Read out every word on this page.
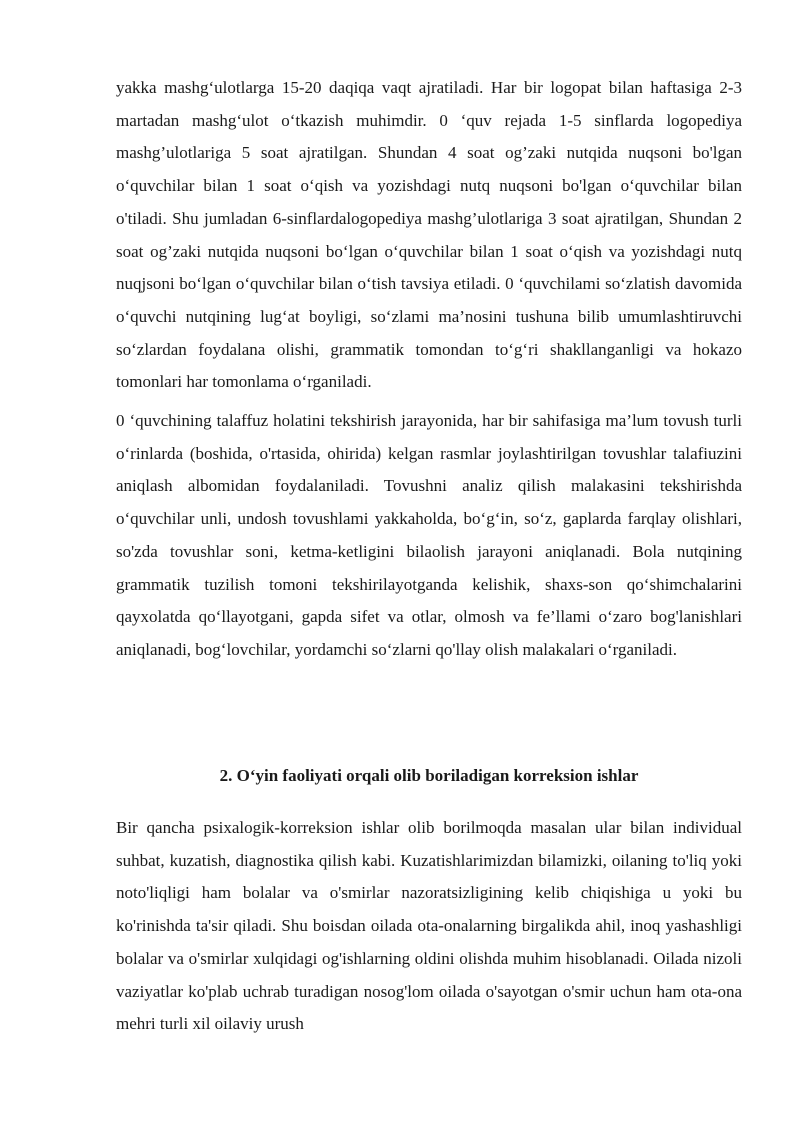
yakka mashg‘ulotlarga 15-20 daqiqa vaqt ajratiladi. Har bir logopat bilan haftasiga 2-3 martadan mashg‘ulot o‘tkazish muhimdir. 0 ‘quv rejada 1-5 sinflarda logopediya mashg’ulotlariga 5 soat ajratilgan. Shundan 4 soat og’zaki nutqida nuqsoni bo'lgan o‘quvchilar bilan 1 soat o‘qish va yozishdagi nutq nuqsoni bo'lgan o‘quvchilar bilan o'tiladi. Shu jumladan 6-sinflardalogopediya mashg’ulotlariga 3 soat ajratilgan, Shundan 2 soat og’zaki nutqida nuqsoni bo‘lgan o‘quvchilar bilan 1 soat o‘qish va yozishdagi nutq nuqjsoni bo‘lgan o‘quvchilar bilan o‘tish tavsiya etiladi. 0 ‘quvchilami so‘zlatish davomida o‘quvchi nutqining lug‘at boyligi, so‘zlami ma’nosini tushuna bilib umumlashtiruvchi so‘zlardan foydalana olishi, grammatik tomondan to‘g‘ri shakllanganligi va hokazo tomonlari har tomonlama o‘rganiladi.

0 ‘quvchining talaffuz holatini tekshirish jarayonida, har bir sahifasiga ma’lum tovush turli o‘rinlarda (boshida, o'rtasida, ohirida) kelgan rasmlar joylashtirilgan tovushlar talafiuzini aniqlash albomidan foydalaniladi. Tovushni analiz qilish malakasini tekshirishda o‘quvchilar unli, undosh tovushlami yakkaholda, bo‘g‘in, so‘z, gaplarda farqlay olishlari, so'zda tovushlar soni, ketma-ketligini bilaolish jarayoni aniqlanadi. Bola nutqining grammatik tuzilish tomoni tekshirilayotganda kelishik, shaxs-son qo‘shimchalarini qayxolatda qo‘llayotgani, gapda sifet va otlar, olmosh va fe’llami o‘zaro bog'lanishlari aniqlanadi, bog‘lovchilar, yordamchi so‘zlarni qo'llay olish malakalari o‘rganiladi.

2. O‘yin faoliyati orqali olib boriladigan korreksion ishlar

Bir qancha psixalogik-korreksion ishlar olib borilmoqda masalan ular bilan individual suhbat, kuzatish, diagnostika qilish kabi. Kuzatishlarimizdan bilamizki, oilaning to'liq yoki noto'liqligi ham bolalar va o'smirlar nazoratsizligining kelib chiqishiga u yoki bu ko'rinishda ta'sir qiladi. Shu boisdan oilada ota-onalarning birgalikda ahil, inoq yashashligi bolalar va o'smirlar xulqidagi og'ishlarning oldini olishda muhim hisoblanadi. Oilada nizoli vaziyatlar ko'plab uchrab turadigan nosog'lom oilada o'sayotgan o'smir uchun ham ota-ona mehri turli xil oilaviy urush
